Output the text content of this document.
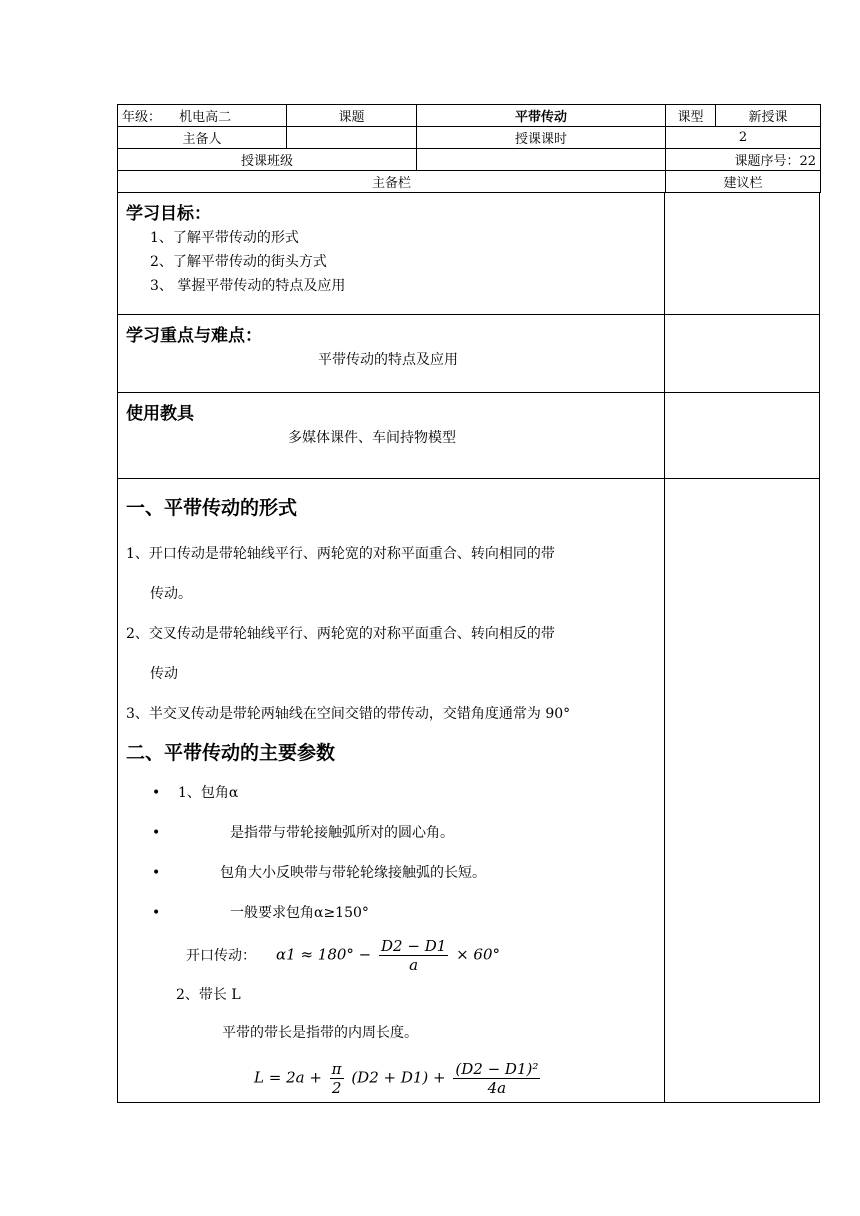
年级： 机电高二	课题	平带传动	课型	新授课
主备人		授课课时	2	
授课班级			课题序号：22	
主备栏			建议栏	
学习目标：
1、了解平带传动的形式
2、了解平带传动的街头方式
3、 掌握平带传动的特点及应用
学习重点与难点：
平带传动的特点及应用
使用教具
多媒体课件、车间持物模型
一、平带传动的形式
1、开口传动是带轮轴线平行、两轮宽的对称平面重合、转向相同的带
传动。
2、交叉传动是带轮轴线平行、两轮宽的对称平面重合、转向相反的带
传动
3、半交叉传动是带轮两轴线在空间交错的带传动，交错角度通常为 90°
二、平带传动的主要参数
• 1、包角α
•	是指带与带轮接触弧所对的圆心角。
•	包角大小反映带与带轮轮缘接触弧的长短。
•	一般要求包角α≥150°
开口传动： $\alpha 1 \approx 180^\circ - \frac{D2 - D1}{a} \times 60^\circ$
2、带长 L
平带的带长是指带的内周长度。
$L = 2a + \frac{\pi}{2} (D2 + D1) + \frac{\text{(D2 − D1)²}}{4a}$
